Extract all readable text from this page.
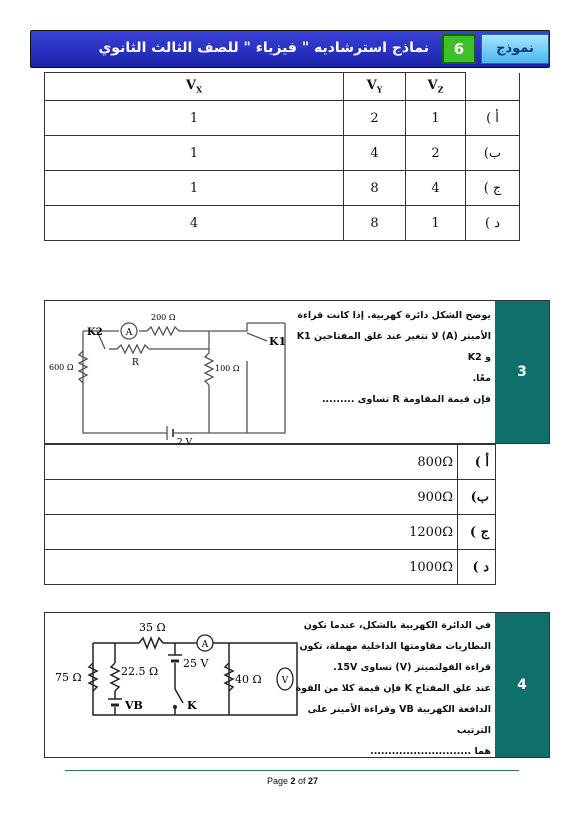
نماذج استرشاديه " فيزياء " للصف الثالث الثانوي	6	نموذج
$V_X$	$V_Y$	$V_Z$	
1	2	1	أ )
1	4	2	ب)
1	8	4	ج )
4	8	1	د )
3
يوضح الشكل دائرة كهربية. إذا كانت قراءة
الأميتر (A) لا تتغير عند غلق المفتاحين K1 و K2
معًا.
فإن قيمة المقاومة R تساوى .........
A
2 V
K2
K1
200 Ω
600 Ω	100 Ω
R
800Ω	أ )
900Ω	ب)
1200Ω	ج )
1000Ω	د )
4
في الدائرة الكهربية بالشكل، عندما تكون
البطاريات مقاومتها الداخلية مهملة، تكون
قراءة الفولتميتر (V) تساوى 15V.
عند غلق المفتاح K فإن قيمة كلا من القوة
الدافعة الكهربية VB وقراءة الأميتر على الترتيب
هما ............................
A
V
35 Ω
75 Ω	22.5 Ω
25 V
40 Ω
VB	K
Page 2 of 27
